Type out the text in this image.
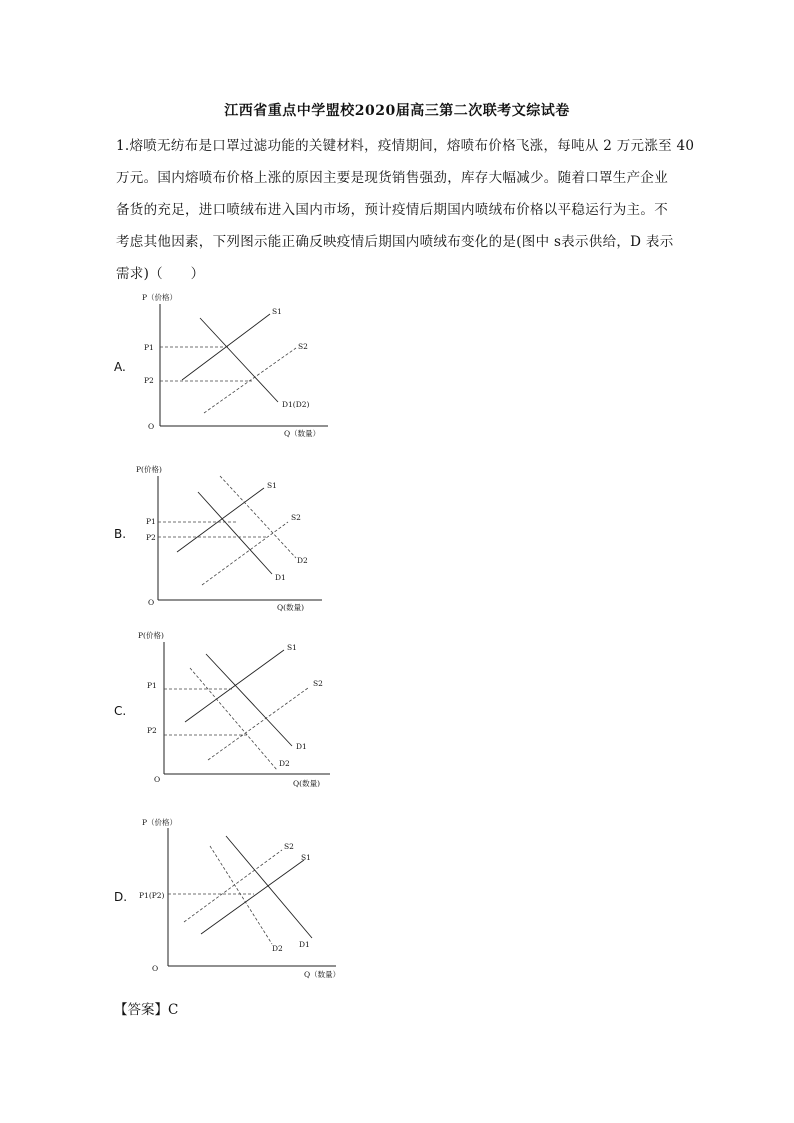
江西省重点中学盟校2020届高三第二次联考文综试卷
1.熔喷无纺布是口罩过滤功能的关键材料，疫情期间，熔喷布价格飞涨，每吨从 2 万元涨至 40
万元。国内熔喷布价格上涨的原因主要是现货销售强劲，库存大幅减少。随着口罩生产企业
备货的充足，进口喷绒布进入国内市场，预计疫情后期国内喷绒布价格以平稳运行为主。不
考虑其他因素，下列图示能正确反映疫情后期国内喷绒布变化的是(图中 s表示供给，D 表示
需求)（　　）
A.
P（价格）
Q（数量）
O
P1
P2
S1
S2
D1(D2)
B.
P(价格)
Q(数量)
O
P1
P2
S1
S2
D1
D2
C.
P(价格)
Q(数量)
O
P1
P2
S1
S2
D1
D2
D.
P（价格）
Q（数量）
O
P1(P2)
S2
S1
D1
D2
【答案】C
